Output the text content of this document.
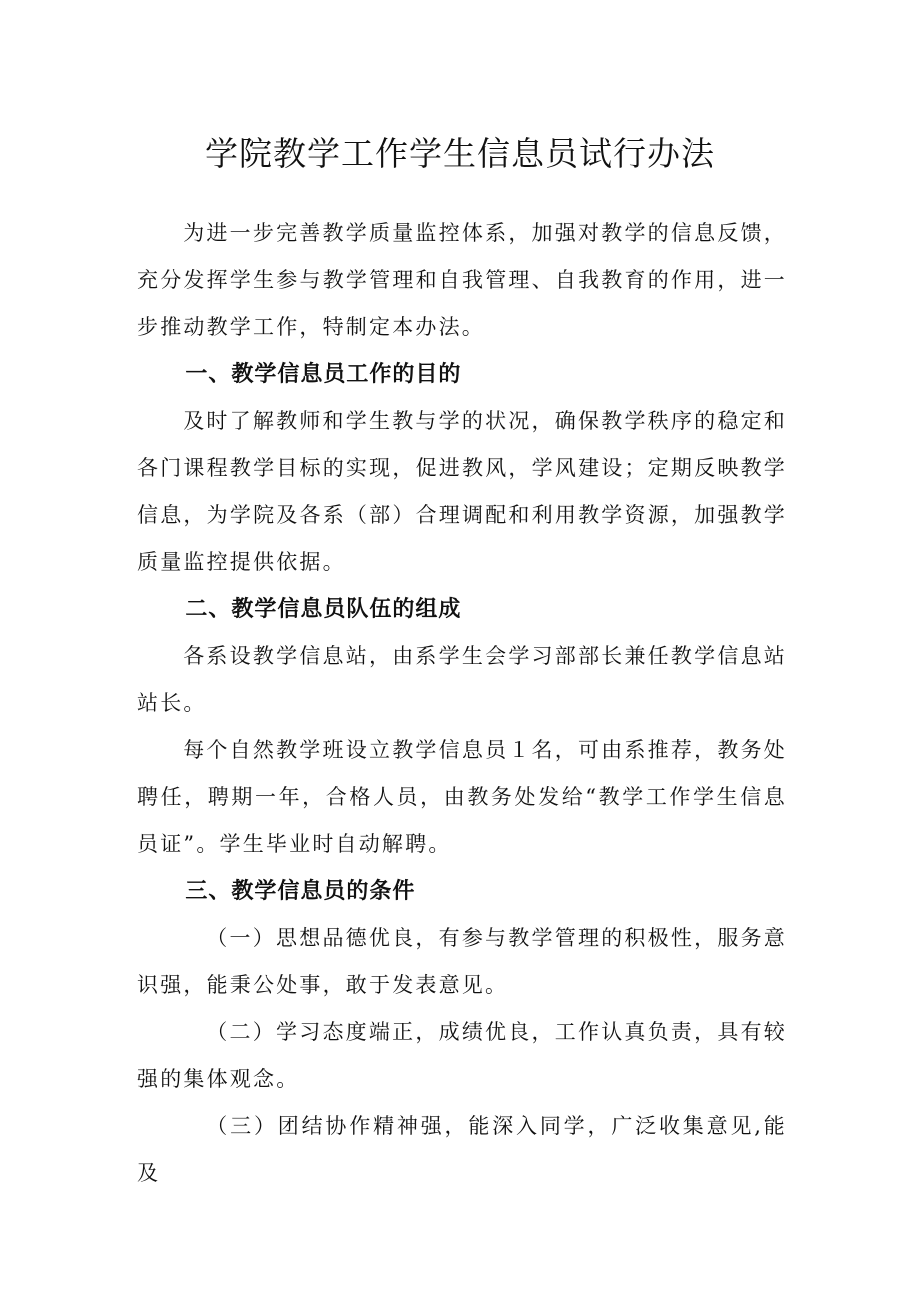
学院教学工作学生信息员试行办法

为进一步完善教学质量监控体系，加强对教学的信息反馈，充分发挥学生参与教学管理和自我管理、自我教育的作用，进一步推动教学工作，特制定本办法。

一、教学信息员工作的目的

及时了解教师和学生教与学的状况，确保教学秩序的稳定和各门课程教学目标的实现，促进教风，学风建设；定期反映教学信息，为学院及各系（部）合理调配和利用教学资源，加强教学质量监控提供依据。

二、教学信息员队伍的组成

各系设教学信息站，由系学生会学习部部长兼任教学信息站站长。

每个自然教学班设立教学信息员１名，可由系推荐，教务处聘任，聘期一年，合格人员，由教务处发给“教学工作学生信息员证”。学生毕业时自动解聘。

三、教学信息员的条件

（一）思想品德优良，有参与教学管理的积极性，服务意识强，能秉公处事，敢于发表意见。

（二）学习态度端正，成绩优良，工作认真负责，具有较强的集体观念。

（三）团结协作精神强，能深入同学，广泛收集意见,能及
